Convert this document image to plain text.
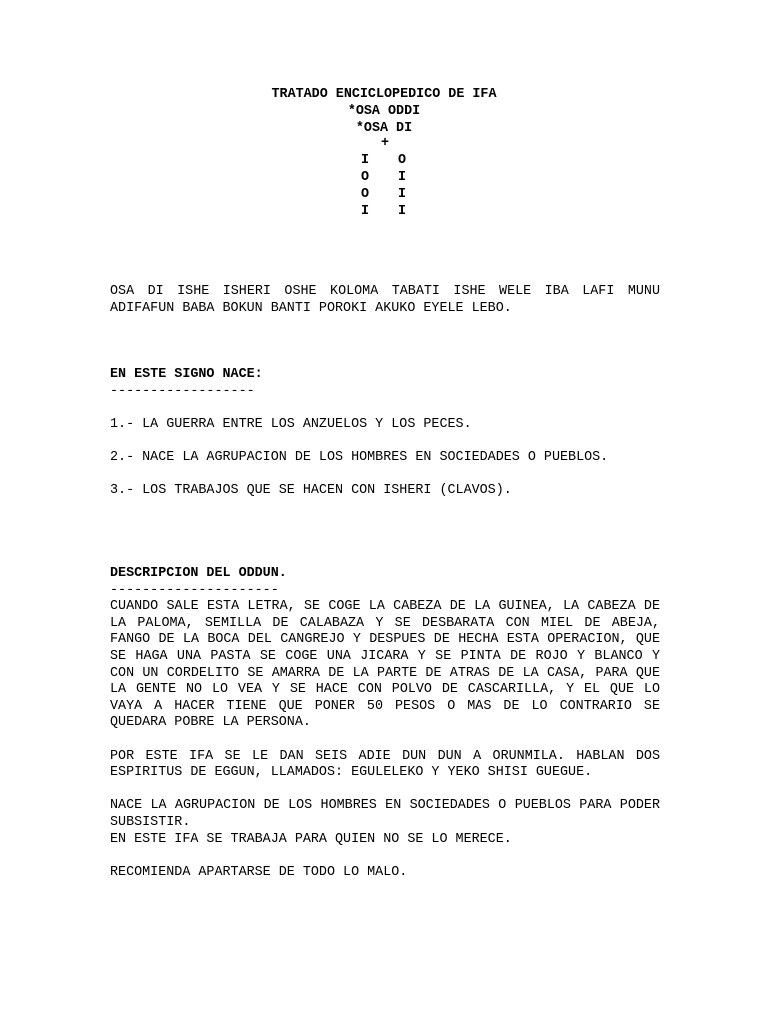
TRATADO ENCICLOPEDICO DE IFA
*OSA ODDI
*OSA DI
+
I O
O I
O I
I I

OSA DI ISHE ISHERI OSHE KOLOMA TABATI ISHE WELE IBA LAFI MUNU ADIFAFUN BABA BOKUN BANTI POROKI AKUKO EYELE LEBO.

EN ESTE SIGNO NACE:
------------------

1.- LA GUERRA ENTRE LOS ANZUELOS Y LOS PECES.

2.- NACE LA AGRUPACION DE LOS HOMBRES EN SOCIEDADES O PUEBLOS.

3.- LOS TRABAJOS QUE SE HACEN CON ISHERI (CLAVOS).

DESCRIPCION DEL ODDUN.
---------------------

CUANDO SALE ESTA LETRA, SE COGE LA CABEZA DE LA GUINEA, LA CABEZA DE LA PALOMA, SEMILLA DE CALABAZA Y SE DESBARATA CON MIEL DE ABEJA, FANGO DE LA BOCA DEL CANGREJO Y DESPUES DE HECHA ESTA OPERACION, QUE SE HAGA UNA PASTA SE COGE UNA JICARA Y SE PINTA DE ROJO Y BLANCO Y CON UN CORDELITO SE AMARRA DE LA PARTE DE ATRAS DE LA CASA, PARA QUE LA GENTE NO LO VEA Y SE HACE CON POLVO DE CASCARILLA, Y EL QUE LO VAYA A HACER TIENE QUE PONER 50 PESOS O MAS DE LO CONTRARIO SE QUEDARA POBRE LA PERSONA.

POR ESTE IFA SE LE DAN SEIS ADIE DUN DUN A ORUNMILA. HABLAN DOS ESPIRITUS DE EGGUN, LLAMADOS: EGULELEKO Y YEKO SHISI GUEGUE.

NACE LA AGRUPACION DE LOS HOMBRES EN SOCIEDADES O PUEBLOS PARA PODER SUBSISTIR.

EN ESTE IFA SE TRABAJA PARA QUIEN NO SE LO MERECE.

RECOMIENDA APARTARSE DE TODO LO MALO.
